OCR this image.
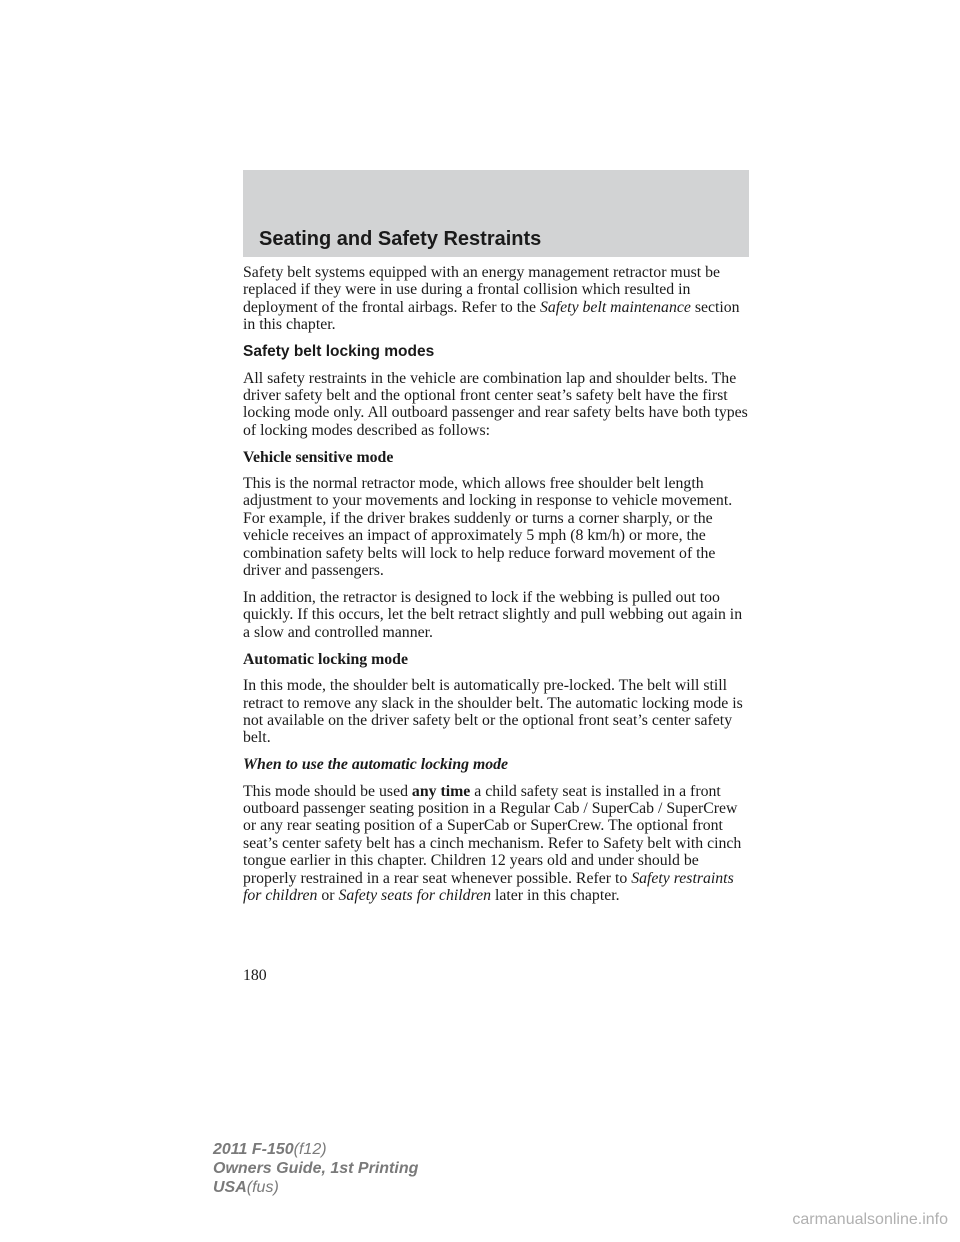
Seating and Safety Restraints

Safety belt systems equipped with an energy management retractor must be replaced if they were in use during a frontal collision which resulted in deployment of the frontal airbags. Refer to the Safety belt maintenance section in this chapter.

Safety belt locking modes

All safety restraints in the vehicle are combination lap and shoulder belts. The driver safety belt and the optional front center seat’s safety belt have the first locking mode only. All outboard passenger and rear safety belts have both types of locking modes described as follows:

Vehicle sensitive mode

This is the normal retractor mode, which allows free shoulder belt length adjustment to your movements and locking in response to vehicle movement. For example, if the driver brakes suddenly or turns a corner sharply, or the vehicle receives an impact of approximately 5 mph (8 km/h) or more, the combination safety belts will lock to help reduce forward movement of the driver and passengers.

In addition, the retractor is designed to lock if the webbing is pulled out too quickly. If this occurs, let the belt retract slightly and pull webbing out again in a slow and controlled manner.

Automatic locking mode

In this mode, the shoulder belt is automatically pre-locked. The belt will still retract to remove any slack in the shoulder belt. The automatic locking mode is not available on the driver safety belt or the optional front seat’s center safety belt.

When to use the automatic locking mode

This mode should be used any time a child safety seat is installed in a front outboard passenger seating position in a Regular Cab / SuperCab / SuperCrew or any rear seating position of a SuperCab or SuperCrew. The optional front seat’s center safety belt has a cinch mechanism. Refer to Safety belt with cinch tongue earlier in this chapter. Children 12 years old and under should be properly restrained in a rear seat whenever possible. Refer to Safety restraints for children or Safety seats for children later in this chapter.

180
2011 F-150(f12)
Owners Guide, 1st Printing
USA(fus)
carmanualsonline.info
